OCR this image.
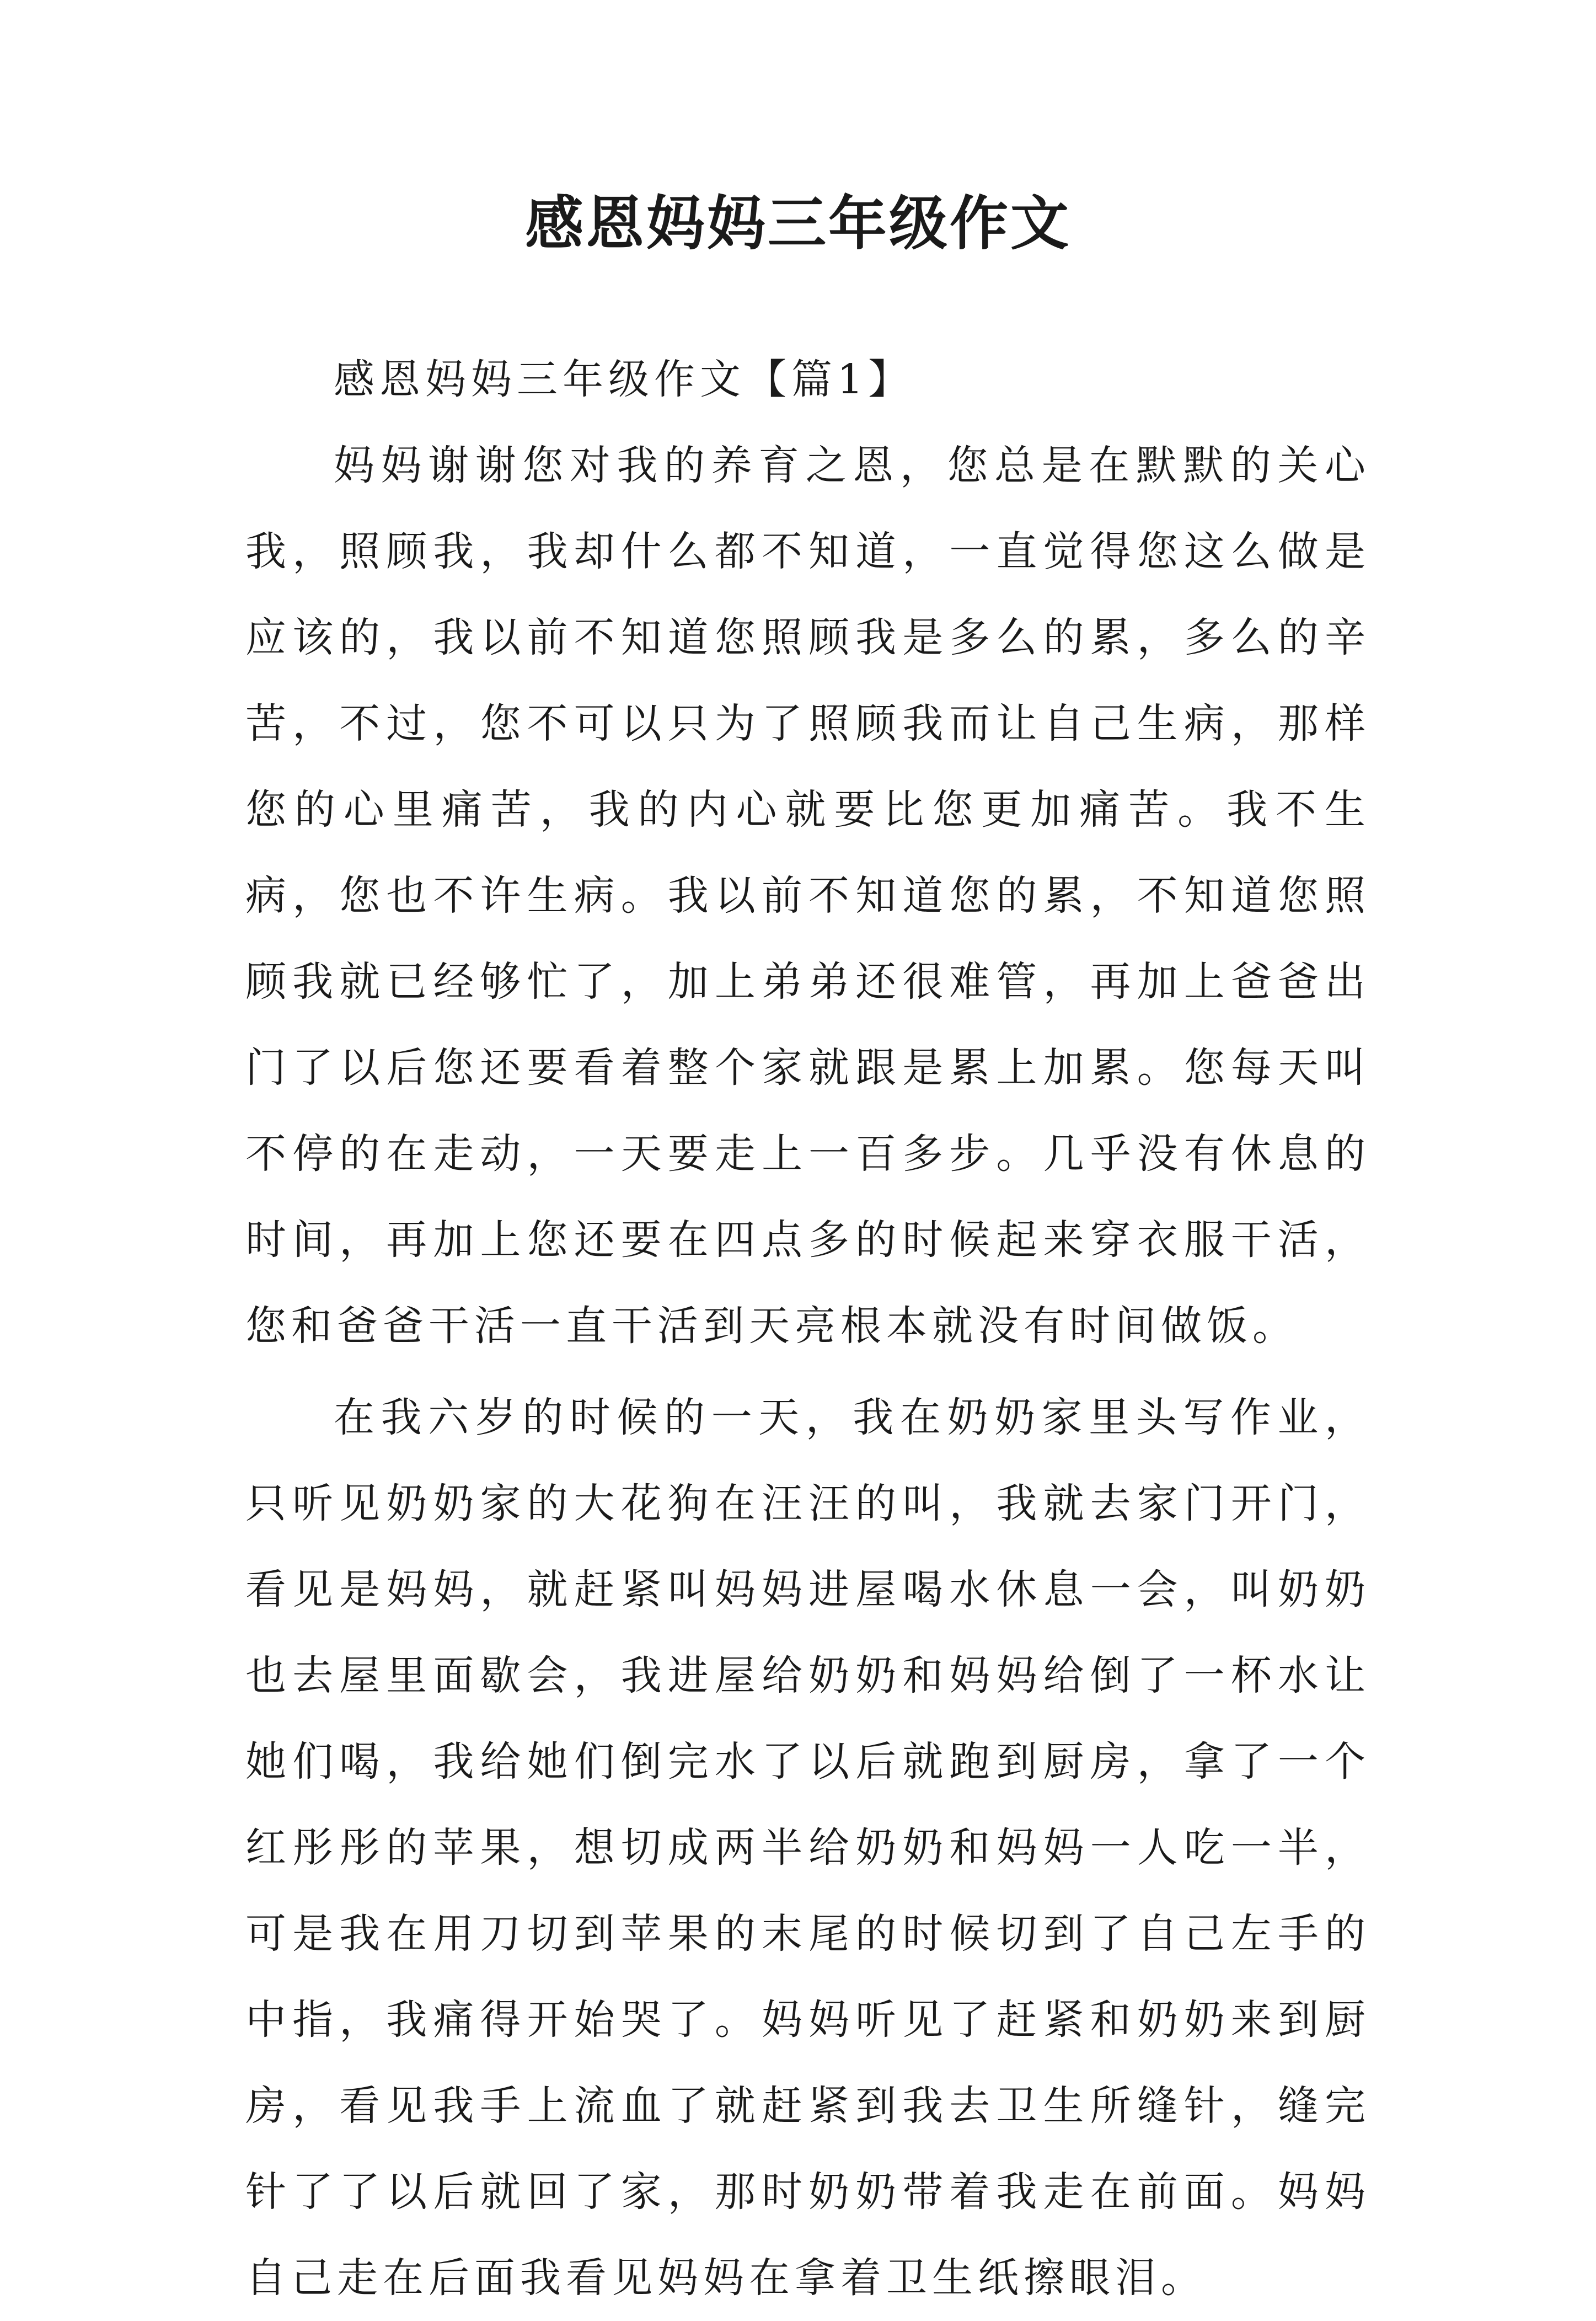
感恩妈妈三年级作文

感恩妈妈三年级作文【篇1】

妈妈谢谢您对我的养育之恩，您总是在默默的关心我，照顾我，我却什么都不知道，一直觉得您这么做是应该的，我以前不知道您照顾我是多么的累，多么的辛苦，不过，您不可以只为了照顾我而让自己生病，那样您的心里痛苦，我的内心就要比您更加痛苦。我不生病，您也不许生病。我以前不知道您的累，不知道您照顾我就已经够忙了，加上弟弟还很难管，再加上爸爸出门了以后您还要看着整个家就跟是累上加累。您每天叫不停的在走动，一天要走上一百多步。几乎没有休息的时间，再加上您还要在四点多的时候起来穿衣服干活，您和爸爸干活一直干活到天亮根本就没有时间做饭。

在我六岁的时候的一天，我在奶奶家里头写作业，只听见奶奶家的大花狗在汪汪的叫，我就去家门开门，看见是妈妈，就赶紧叫妈妈进屋喝水休息一会，叫奶奶也去屋里面歇会，我进屋给奶奶和妈妈给倒了一杯水让她们喝，我给她们倒完水了以后就跑到厨房，拿了一个红彤彤的苹果，想切成两半给奶奶和妈妈一人吃一半，可是我在用刀切到苹果的末尾的时候切到了自己左手的中指，我痛得开始哭了。妈妈听见了赶紧和奶奶来到厨房，看见我手上流血了就赶紧到我去卫生所缝针，缝完针了了以后就回了家，那时奶奶带着我走在前面。妈妈自己走在后面我看见妈妈在拿着卫生纸擦眼泪。
